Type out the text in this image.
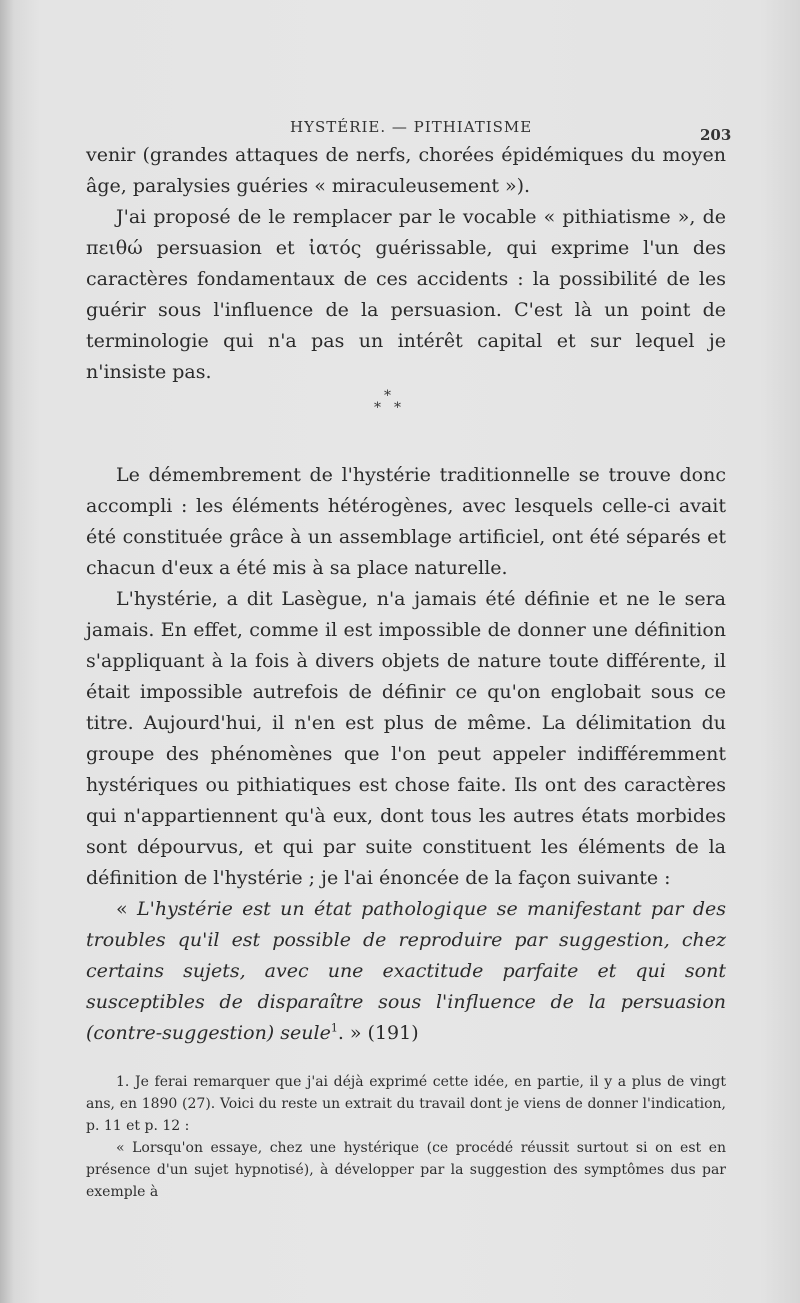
HYSTÉRIE. — PITHIATISME	203

venir (grandes attaques de nerfs, chorées épidémiques du moyen âge, paralysies guéries « miraculeusement »).

J'ai proposé de le remplacer par le vocable « pithiatisme », de πειθώ persuasion et ἰατός guérissable, qui exprime l'un des caractères fondamentaux de ces accidents : la possibilité de les guérir sous l'influence de la persuasion. C'est là un point de terminologie qui n'a pas un intérêt capital et sur lequel je n'insiste pas.

*
* *

Le démembrement de l'hystérie traditionnelle se trouve donc accompli : les éléments hétérogènes, avec lesquels celle-ci avait été constituée grâce à un assemblage artificiel, ont été séparés et chacun d'eux a été mis à sa place naturelle.

L'hystérie, a dit Lasègue, n'a jamais été définie et ne le sera jamais. En effet, comme il est impossible de donner une définition s'appliquant à la fois à divers objets de nature toute différente, il était impossible autrefois de définir ce qu'on englobait sous ce titre. Aujourd'hui, il n'en est plus de même. La délimitation du groupe des phénomènes que l'on peut appeler indifféremment hystériques ou pithiatiques est chose faite. Ils ont des caractères qui n'appartiennent qu'à eux, dont tous les autres états morbides sont dépourvus, et qui par suite constituent les éléments de la définition de l'hystérie ; je l'ai énoncée de la façon suivante :

« L'hystérie est un état pathologique se manifestant par des troubles qu'il est possible de reproduire par suggestion, chez certains sujets, avec une exactitude parfaite et qui sont susceptibles de disparaître sous l'influence de la persuasion (contre-suggestion) seule$^1$. » (191)

1. Je ferai remarquer que j'ai déjà exprimé cette idée, en partie, il y a plus de vingt ans, en 1890 (27). Voici du reste un extrait du travail dont je viens de donner l'indication, p. 11 et p. 12 :

« Lorsqu'on essaye, chez une hystérique (ce procédé réussit surtout si on est en présence d'un sujet hypnotisé), à développer par la suggestion des symptômes dus par exemple à
